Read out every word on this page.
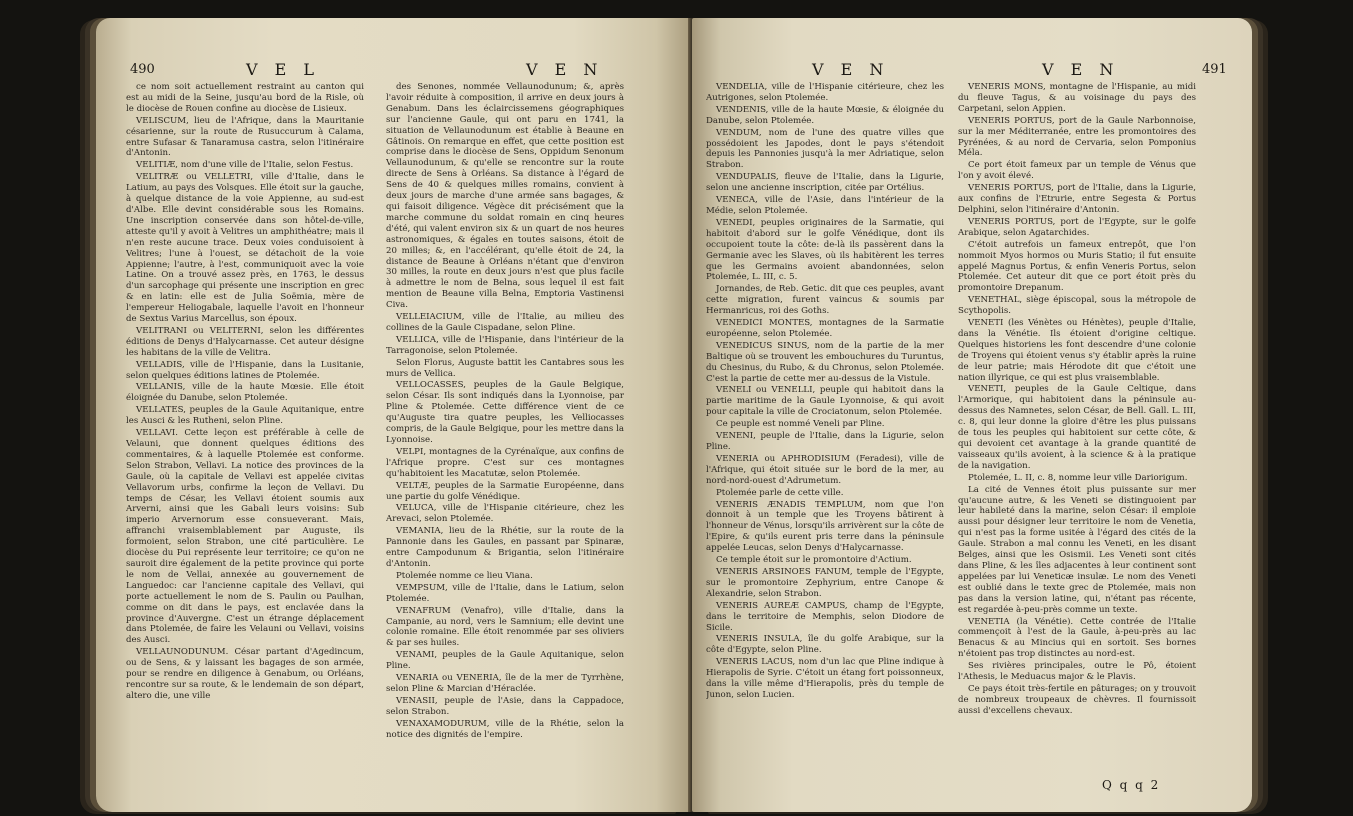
490	V E L	V E N

ce nom soit actuellement restraint au canton qui est au midi de la Seine, jusqu'au bord de la Risle, où le diocèse de Rouen confine au diocèse de Lisieux.

VELISCUM, lieu de l'Afrique, dans la Mauritanie césarienne, sur la route de Rusuccurum à Calama, entre Sufasar & Tanaramusa castra, selon l'itinéraire d'Antonin.

VELITIÆ, nom d'une ville de l'Italie, selon Festus.

VELITRÆ ou VELLETRI, ville d'Italie, dans le Latium, au pays des Volsques. Elle étoit sur la gauche, à quelque distance de la voie Appienne, au sud-est d'Albe. Elle devint considérable sous les Romains. Une inscription conservée dans son hôtel-de-ville, atteste qu'il y avoit à Velitres un amphithéatre; mais il n'en reste aucune trace. Deux voies conduisoient à Velitres; l'une à l'ouest, se détachoit de la voie Appienne; l'autre, à l'est, communiquoit avec la voie Latine. On a trouvé assez près, en 1763, le dessus d'un sarcophage qui présente une inscription en grec & en latin: elle est de Julia Soëmia, mère de l'empereur Heliogabale, laquelle l'avoit en l'honneur de Sextus Varius Marcellus, son époux.

VELITRANI ou VELITERNI, selon les différentes éditions de Denys d'Halycarnasse. Cet auteur désigne les habitans de la ville de Velitra.

VELLADIS, ville de l'Hispanie, dans la Lusitanie, selon quelques éditions latines de Ptolemée.

VELLANIS, ville de la haute Mœsie. Elle étoit éloignée du Danube, selon Ptolemée.

VELLATES, peuples de la Gaule Aquitanique, entre les Ausci & les Rutheni, selon Pline.

VELLAVI. Cette leçon est préférable à celle de Velauni, que donnent quelques éditions des commentaires, & à laquelle Ptolemée est conforme. Selon Strabon, Vellavi. La notice des provinces de la Gaule, où la capitale de Vellavi est appelée civitas Vellavorum urbs, confirme la leçon de Vellavi. Du temps de César, les Vellavi étoient soumis aux Arverni, ainsi que les Gabali leurs voisins: Sub imperio Arvernorum esse consueverant. Mais, affranchi vraisemblablement par Auguste, ils formoient, selon Strabon, une cité particulière. Le diocèse du Pui représente leur territoire; ce qu'on ne sauroit dire également de la petite province qui porte le nom de Vellai, annexée au gouvernement de Languedoc: car l'ancienne capitale des Vellavi, qui porte actuellement le nom de S. Paulin ou Paulhan, comme on dit dans le pays, est enclavée dans la province d'Auvergne. C'est un étrange déplacement dans Ptolemée, de faire les Velauni ou Vellavi, voisins des Ausci.

VELLAUNODUNUM. César partant d'Agedincum, ou de Sens, & y laissant les bagages de son armée, pour se rendre en diligence à Genabum, ou Orléans, rencontre sur sa route, & le lendemain de son départ, altero die, une ville

des Senones, nommée Vellaunodunum; &, après l'avoir réduite à composition, il arrive en deux jours à Genabum. Dans les éclaircissemens géographiques sur l'ancienne Gaule, qui ont paru en 1741, la situation de Vellaunodunum est établie à Beaune en Gâtinois. On remarque en effet, que cette position est comprise dans le diocèse de Sens, Oppidum Senonum Vellaunodunum, & qu'elle se rencontre sur la route directe de Sens à Orléans. Sa distance à l'égard de Sens de 40 & quelques milles romains, convient à deux jours de marche d'une armée sans bagages, & qui faisoit diligence. Végèce dit précisément que la marche commune du soldat romain en cinq heures d'été, qui valent environ six & un quart de nos heures astronomiques, & égales en toutes saisons, étoit de 20 milles; &, en l'accélérant, qu'elle étoit de 24, la distance de Beaune à Orléans n'étant que d'environ 30 milles, la route en deux jours n'est que plus facile à admettre le nom de Belna, sous lequel il est fait mention de Beaune villa Belna, Emptoria Vastinensi Civa.

VELLEIACIUM, ville de l'Italie, au milieu des collines de la Gaule Cispadane, selon Pline.

VELLICA, ville de l'Hispanie, dans l'intérieur de la Tarragonoise, selon Ptolemée.

Selon Florus, Auguste battit les Cantabres sous les murs de Vellica.

VELLOCASSES, peuples de la Gaule Belgique, selon César. Ils sont indiqués dans la Lyonnoise, par Pline & Ptolemée. Cette différence vient de ce qu'Auguste tira quatre peuples, les Velliocasses compris, de la Gaule Belgique, pour les mettre dans la Lyonnoise.

VELPI, montagnes de la Cyrénaïque, aux confins de l'Afrique propre. C'est sur ces montagnes qu'habitoient les Macatutæ, selon Ptolemée.

VELTÆ, peuples de la Sarmatie Européenne, dans une partie du golfe Vénédique.

VELUCA, ville de l'Hispanie citérieure, chez les Arevaci, selon Ptolemée.

VEMANIA, lieu de la Rhétie, sur la route de la Pannonie dans les Gaules, en passant par Spinaræ, entre Campodunum & Brigantia, selon l'itinéraire d'Antonin.

Ptolemée nomme ce lieu Viana.

VEMPSUM, ville de l'Italie, dans le Latium, selon Ptolemée.

VENAFRUM (Venafro), ville d'Italie, dans la Campanie, au nord, vers le Samnium; elle devint une colonie romaine. Elle étoit renommée par ses oliviers & par ses huiles.

VENAMI, peuples de la Gaule Aquitanique, selon Pline.

VENARIA ou VENERIA, île de la mer de Tyrrhène, selon Pline & Marcian d'Héraclée.

VENASII, peuple de l'Asie, dans la Cappadoce, selon Strabon.

VENAXAMODURUM, ville de la Rhétie, selon la notice des dignités de l'empire.

V E N	V E N	491

VENDELIA, ville de l'Hispanie citérieure, chez les Autrigones, selon Ptolemée.

VENDENIS, ville de la haute Mœsie, & éloignée du Danube, selon Ptolemée.

VENDUM, nom de l'une des quatre villes que possédoient les Japodes, dont le pays s'étendoit depuis les Pannonies jusqu'à la mer Adriatique, selon Strabon.

VENDUPALIS, fleuve de l'Italie, dans la Ligurie, selon une ancienne inscription, citée par Ortélius.

VENECA, ville de l'Asie, dans l'intérieur de la Médie, selon Ptolemée.

VENEDI, peuples originaires de la Sarmatie, qui habitoit d'abord sur le golfe Vénédique, dont ils occupoient toute la côte: de-là ils passèrent dans la Germanie avec les Slaves, où ils habitèrent les terres que les Germains avoient abandonnées, selon Ptolemée, L. III, c. 5.

Jornandes, de Reb. Getic. dit que ces peuples, avant cette migration, furent vaincus & soumis par Hermanricus, roi des Goths.

VENEDICI MONTES, montagnes de la Sarmatie européenne, selon Ptolemée.

VENEDICUS SINUS, nom de la partie de la mer Baltique où se trouvent les embouchures du Turuntus, du Chesinus, du Rubo, & du Chronus, selon Ptolemée. C'est la partie de cette mer au-dessus de la Vistule.

VENELI ou VENELLI, peuple qui habitoit dans la partie maritime de la Gaule Lyonnoise, & qui avoit pour capitale la ville de Crociatonum, selon Ptolemée.

Ce peuple est nommé Veneli par Pline.

VENENI, peuple de l'Italie, dans la Ligurie, selon Pline.

VENERIA ou APHRODISIUM (Feradesi), ville de l'Afrique, qui étoit située sur le bord de la mer, au nord-nord-ouest d'Adrumetum.

Ptolemée parle de cette ville.

VENERIS ÆNADIS TEMPLUM, nom que l'on donnoit à un temple que les Troyens bâtirent à l'honneur de Vénus, lorsqu'ils arrivèrent sur la côte de l'Epire, & qu'ils eurent pris terre dans la péninsule appelée Leucas, selon Denys d'Halycarnasse.

Ce temple étoit sur le promontoire d'Actium.

VENERIS ARSINOES FANUM, temple de l'Egypte, sur le promontoire Zephyrium, entre Canope & Alexandrie, selon Strabon.

VENERIS AUREÆ CAMPUS, champ de l'Egypte, dans le territoire de Memphis, selon Diodore de Sicile.

VENERIS INSULA, île du golfe Arabique, sur la côte d'Egypte, selon Pline.

VENERIS LACUS, nom d'un lac que Pline indique à Hierapolis de Syrie. C'étoit un étang fort poissonneux, dans la ville même d'Hierapolis, près du temple de Junon, selon Lucien.

VENERIS MONS, montagne de l'Hispanie, au midi du fleuve Tagus, & au voisinage du pays des Carpetani, selon Appien.

VENERIS PORTUS, port de la Gaule Narbonnoise, sur la mer Méditerranée, entre les promontoires des Pyrénées, & au nord de Cervaria, selon Pomponius Méla.

Ce port étoit fameux par un temple de Vénus que l'on y avoit élevé.

VENERIS PORTUS, port de l'Italie, dans la Ligurie, aux confins de l'Etrurie, entre Segesta & Portus Delphini, selon l'itinéraire d'Antonin.

VENERIS PORTUS, port de l'Egypte, sur le golfe Arabique, selon Agatarchides.

C'étoit autrefois un fameux entrepôt, que l'on nommoit Myos hormos ou Muris Statio; il fut ensuite appelé Magnus Portus, & enfin Veneris Portus, selon Ptolemée. Cet auteur dit que ce port étoit près du promontoire Drepanum.

VENETHAL, siège épiscopal, sous la métropole de Scythopolis.

VENETI (les Vénètes ou Hénètes), peuple d'Italie, dans la Vénétie. Ils étoient d'origine celtique. Quelques historiens les font descendre d'une colonie de Troyens qui étoient venus s'y établir après la ruine de leur patrie; mais Hérodote dit que c'étoit une nation illyrique, ce qui est plus vraisemblable.

VENETI, peuples de la Gaule Celtique, dans l'Armorique, qui habitoient dans la péninsule au-dessus des Namnetes, selon César, de Bell. Gall. L. III, c. 8, qui leur donne la gloire d'être les plus puissans de tous les peuples qui habitoient sur cette côte, & qui devoient cet avantage à la grande quantité de vaisseaux qu'ils avoient, à la science & à la pratique de la navigation.

Ptolemée, L. II, c. 8, nomme leur ville Dariorigum.

La cité de Vennes étoit plus puissante sur mer qu'aucune autre, & les Veneti se distinguoient par leur habileté dans la marine, selon César: il emploie aussi pour désigner leur territoire le nom de Venetia, qui n'est pas la forme usitée à l'égard des cités de la Gaule. Strabon a mal connu les Veneti, en les disant Belges, ainsi que les Osismii. Les Veneti sont cités dans Pline, & les îles adjacentes à leur continent sont appelées par lui Veneticæ insulæ. Le nom des Veneti est oublié dans le texte grec de Ptolemée, mais non pas dans la version latine, qui, n'étant pas récente, est regardée à-peu-près comme un texte.

VENETIA (la Vénétie). Cette contrée de l'Italie commençoit à l'est de la Gaule, à-peu-près au lac Benacus & au Mincius qui en sortoit. Ses bornes n'étoient pas trop distinctes au nord-est.

Ses rivières principales, outre le Pô, étoient l'Athesis, le Meduacus major & le Plavis.

Ce pays étoit très-fertile en pâturages; on y trouvoit de nombreux troupeaux de chèvres. Il fournissoit aussi d'excellens chevaux.

Q q q 2
